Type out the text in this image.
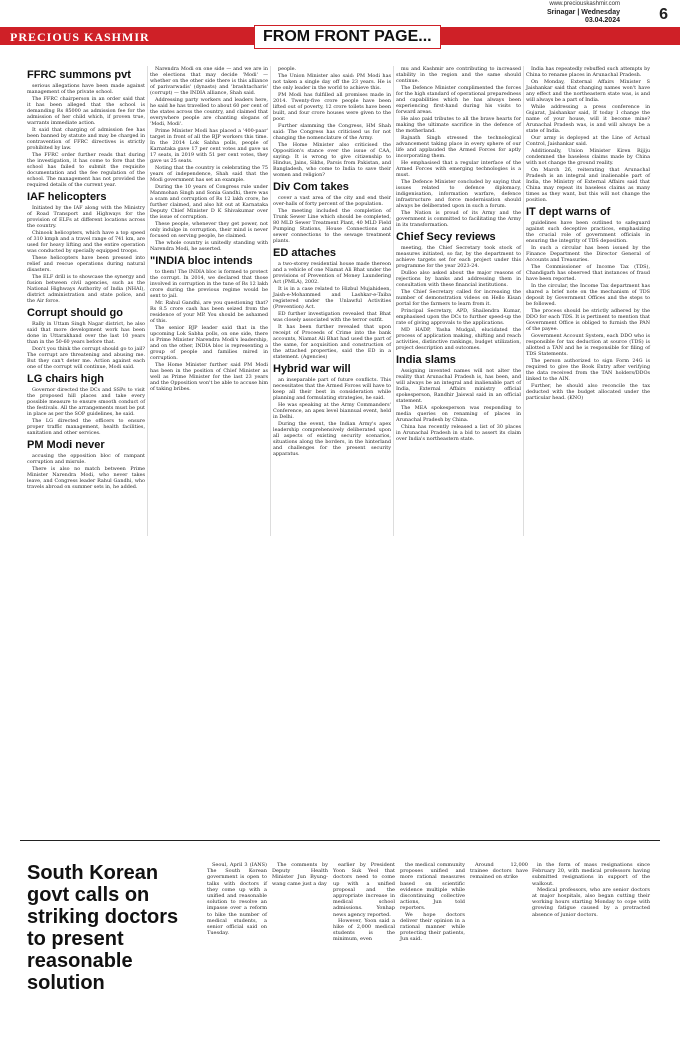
www.preciouskashmir.com
Srinagar | Wednesday
03.04.2024 6
PRECIOUS KASHMIR	FROM FRONT PAGE...
FFRC summons pvt

serious allegations have been made against management of the private school.

The FFRC chairperson in an order said that it has been alleged that the school is demanding Rs 85000 as admission fee for the admission of her child which, if proven true, warrants immediate action.

It said that charging of admission fee has been banned by statute and may be charged in contravention of FFRC directives is strictly prohibited by law.

The FFRC order further reads that during the investigation, it has come to fore that the school has failed to submit the requisite documentation and the fee regulation of the school. The management has not provided the required details of the current year.

IAF helicopters

Initiated by the IAF along with the Ministry of Road Transport and Highways for the provision of ELFs at different locations across the country.

Chinook helicopters, which have a top speed of 310 kmph and a travel range of 741 km, are used for heavy lifting and the entire operation was conducted by specially equipped troops.

These helicopters have been pressed into relief and rescue operations during natural disasters.

The ELF drill is to showcase the synergy and fusion between civil agencies, such as the National Highways Authority of India (NHAI), district administration and state police, and the Air force.

Corrupt should go

Rally in Uttam Singh Nagar district, he also said that more development work has been done in Uttarakhand over the last 10 years than in the 50-60 years before that.

Don't you think the corrupt should go to jail? The corrupt are threatening and abusing me. But they can't deter me. Action against each one of the corrupt will continue, Modi said.

LG chairs high

Governor directed the DCs and SSPs to visit the proposed hill places and take every possible measure to ensure smooth conduct of the festivals. All the arrangements must be put in place as per the SOP guidelines, he said.

The LG directed the officers to ensure proper traffic management, health facilities, sanitation and other services.

PM Modi never

accusing the opposition bloc of rampant corruption and misrule.

There is also no match between Prime Minister Narendra Modi, who never takes leave, and Congress leader Rahul Gandhi, who travels abroad on summer sets in, he added.

Narendra Modi on one side — and we are in the elections that may decide 'Modi' — whether on the other side there is this alliance of parivarwadis' (dynasts) and 'brashtacharis' (corrupt) — the INDIA alliance, Shah said.

Addressing party workers and leaders here, he said he has travelled to about 60 per cent of the states across the country, and claimed that everywhere people are chanting slogans of 'Modi, Modi'.

Prime Minister Modi has placed a '400-paar' target in front of all the BJP workers this time. In the 2014 Lok Sabha polls, people of Karnataka gave 17 per cent votes and gave us 17 seats, in 2019 with 51 per cent votes, they gave us 25 seats.

Noting that the country is celebrating the 75 years of independence, Shah said that the Modi government has set an example.

During the 10 years of Congress rule under Manmohan Singh and Sonia Gandhi, there was a scam and corruption of Rs 12 lakh crore, he further claimed, and also hit out at Karnataka Deputy Chief Minister D K Shivakumar over the issue of corruption.

These people, whenever they get power, not only indulge in corruption, their mind is never focused on serving people, he claimed.

The whole country is unitedly standing with Narendra Modi, he asserted.

"INDIA bloc intends

to them! The INDIA bloc is formed to protect the corrupt. In 2014, we declared that those involved in corruption in the tune of Rs 12 lakh crore during the previous regime would be sent to jail.

Mr. Rahul Gandhi, are you questioning that? Rs 8.5 crore cash has been seized from the residence of your MP. You should be ashamed of this.

The senior BJP leader said that in the upcoming Lok Sabha polls, on one side, there is Prime Minister Narendra Modi's leadership, and on the other, INDIA bloc is representing a group of people and families mired in corruption.

The Home Minister further said PM Modi has been in the position of Chief Minister as well as Prime Minister for the last 23 years and the Opposition won't be able to accuse him of taking bribes.

people.

The Union Minister also said: PM Modi has not taken a single day off the 23 years. He is the only leader in the world to achieve this.

PM Modi has fulfilled all promises made in 2014. Twenty-five crore people have been lifted out of poverty, 12 crore toilets have been built, and four crore houses were given to the poor.

Further slamming the Congress, HM Shah said: The Congress has criticised us for not changing the nomenclature of the Army.

The Home Minister also criticised the Opposition's stance over the issue of CAA, saying: It is wrong to give citizenship to Hindus, Jains, Sikhs, Parsis from Pakistan, and Bangladesh, who come to India to save their women and religion?

Div Com takes

cover a vast area of the city and end their over-halls of forty percent of the population.

The meeting included the completion of Trunk Sewer Line which should be completed, 80 MLD Sewer Treatment Plant, 40 MLD Field Pumping Stations, House Connections and sewer connections to the sewage treatment plants.

ED attaches

a two-storey residential house made thereon and a vehicle of one Niamat Ali Bhat under the provisions of Prevention of Money Laundering Act (PMLA), 2002.

It is in a case related to Hizbul Mujahideen, Jaish-e-Mohammed and Lashkar-e-Taiba registered under the Unlawful Activities (Prevention) Act.

ED further investigation revealed that Bhat was closely associated with the terror outfit.

It has been further revealed that upon receipt of Proceeds of Crime into the bank accounts, Niamat Ali Bhat had used the part of the same, for acquisition and construction of the attached properties, said the ED in a statement. (Agencies)

Hybrid war will

an inseparable part of future conflicts. This necessitates that the Armed Forces will have to keep all their best in consideration while planning and formulating strategies, he said.

He was speaking at the Army Commanders' Conference, an apex level biannual event, held in Delhi.

During the event, the Indian Army's apex leadership comprehensively deliberated upon all aspects of existing security scenarios, situations along the borders, in the hinterland and challenges for the present security apparatus.

mu and Kashmir are contributing to increased stability in the region and the same should continue.

The Defence Minister complimented the forces for the high standard of operational preparedness and capabilities which he has always been experiencing first-hand during his visits to forward areas.

He also paid tributes to all the brave hearts for making the ultimate sacrifice in the defence of the motherland.

Rajnath Singh stressed the technological advancement taking place in every sphere of our life and applauded the Armed Forces for aptly incorporating them.

He emphasised that a regular interface of the Armed Forces with emerging technologies is a must.

The Defence Minister concluded by saying that issues related to defence diplomacy, indigenisation, information warfare, defence infrastructure and force modernisation should always be deliberated upon in such a forum.

The Nation is proud of its Army and the government is committed to facilitating the Army in its transformation.

Chief Secy reviews

meeting, the Chief Secretary took stock of measures initiated, so far, by the department to achieve targets set for each project under this programme for the year 2023-24.

Dulloo also asked about the major reasons of rejections by banks and addressing them in consultation with these financial institutions.

The Chief Secretary called for increasing the number of demonstration videos on Hello Kisan portal for the farmers to learn from it.

Principal Secretary, APD, Shailendra Kumar, emphasised upon the DCs to further speed-up the rate of giving approvals to the applications.

MD HADP, Yasha Mudgal, elucidated the process of application making, shifting and reach activities, distinctive rankings, budget utilization, project description and outcomes.

India slams

Assigning invented names will not alter the reality that Arunachal Pradesh is, has been, and will always be an integral and inalienable part of India, External Affairs ministry official spokesperson, Randhir Jaiswal said in an official statement.

The MEA spokesperson was responding to media queries on renaming of places in Arunachal Pradesh by China.

China has recently released a list of 30 places in Arunachal Pradesh in a bid to assert its claim over India's northeastern state.

India has repeatedly rebuffed such attempts by China to rename places in Arunachal Pradesh.

On Monday, External Affairs Minister S Jaishankar said that changing names won't have any effect and the northeastern state was, is and will always be a part of India.

While addressing a press conference in Gujarat, Jaishankar said, If today I change the name of your house, will it become mine? Arunachal Pradesh was, is and will always be a state of India.

Our army is deployed at the Line of Actual Control, Jaishankar said.

Additionally, Union Minister Kiren Rijiju condemned the baseless claims made by China with not change the ground reality.

On March 26, reiterating that Arunachal Pradesh is an integral and inalienable part of India, the Ministry of External Affairs said that China may repeat its baseless claims as many times as they want, but this will not change the position.

IT dept warns of

guidelines have been outlined to safeguard against such deceptive practices, emphasizing the crucial role of government officials in ensuring the integrity of TDS deposition.

In such a circular has been issued by the Finance Department the Director General of Accounts and Treasuries.

The Commissioner of Income Tax (TDS), Chandigarh has observed that instances of fraud have been reported.

In the circular, the Income Tax department has shared a brief note on the mechanism of TDS deposit by Government Offices and the steps to be followed.

The process should be strictly adhered by the DDO for each TDS. It is pertinent to mention that Government Office is obliged to furnish the PAN of the payee.

Government Account System, each DDO who is responsible for tax deduction at source (TDS) is allotted a TAN and he is responsible for filing of TDS Statements.

The person authorized to sign Form 24G is required to give the Book Entry after verifying the data received from the TAN holders/DDOs linked to the AIN.

Further, he should also reconcile the tax deducted with the budget allocated under the particular head. (KNO)

South Korean govt calls on striking doctors to present reasonable solution

Seoul, April 3 (IANS) The South Korean government is open to talks with doctors if they come up with a unified and reasonable solution to resolve an impasse over a reform to hike the number of medical students, a senior official said on Tuesday.

The comments by Deputy Health Minister Jun Byung-wang came just a day

earlier by President Yoon Suk Yeol that doctors need to come up with a unified proposal and the appropriate increase in medical school admissions. Yonhap news agency reported.

However, Yoon said a hike of 2,000 medical students is the minimum, even

the medical community proposes unified and more rational measures based on scientific evidence multiple while discontinuing collective actions, Jun told reporters.

We hope doctors deliver their opinion in a rational manner while protecting their patients, Jun said.

Around 12,000 trainee doctors have remained on strike

in the form of mass resignations since February 20, with medical professors having submitted resignations in support of the walkout.

Medical professors, who are senior doctors at major hospitals, also began cutting their working hours starting Monday to cope with growing fatigue caused by a protracted absence of junior doctors.
